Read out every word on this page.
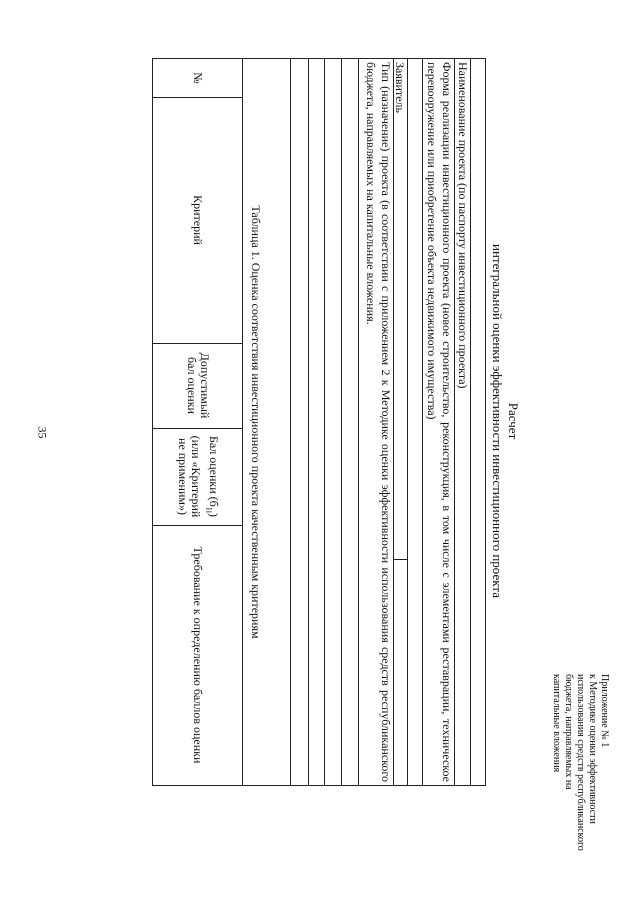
35
Приложение № 1
к Методике оценки эффективности
использования средств республиканского
бюджета, направляемых на
капитальные вложения
Расчет
интегральной оценки эффективности инвестиционного проекта
Наименование проекта (по паспорту инвестиционного проекта)
Форма реализации инвестиционного проекта (новое строительство, реконструкция, в том числе с элементами реставрации, техническое перевооружение или приобретение объекта недвижимого имущества)
Заявитель
Тип (назначение) проекта (в соответствии с приложением 2 к Методике оценки эффективности использования средств республиканского бюджета, направляемых на капитальные вложения.
Таблица 1. Оценка соответствия инвестиционного проекта качественным критериям
№
Критерий
Допустимый бал оценки
Бал оценки $(б_{1i})$ (или «Критерий не применим»)
Требование к определению баллов оценки
